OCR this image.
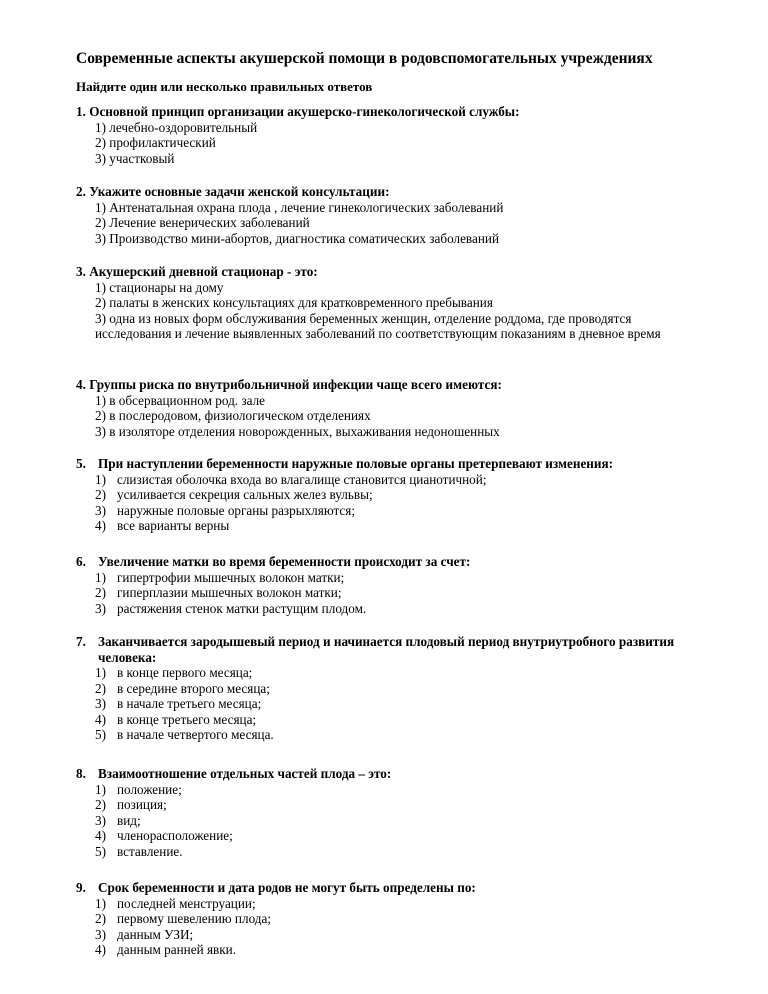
Современные аспекты акушерской помощи в родовспомогательных учреждениях
Найдите один или несколько правильных ответов
1. Основной принцип организации акушерско-гинекологической службы:
1) лечебно-оздоровительный
2) профилактический
3) участковый
2. Укажите основные задачи женской консультации:
1) Антенатальная охрана плода , лечение гинекологических заболеваний
2) Лечение венерических заболеваний
3) Производство мини-абортов, диагностика соматических заболеваний
3. Акушерский дневной стационар - это:
1) стационары на дому
2) палаты в женских консультациях для кратковременного пребывания
3) одна из новых форм обслуживания беременных женщин, отделение роддома, где проводятся исследования и лечение выявленных заболеваний по соответствующим показаниям в дневное время
4. Группы риска по внутрибольничной инфекции чаще всего имеются:
1) в обсервационном род. зале
2) в послеродовом, физиологическом отделениях
3) в изоляторе отделения новорожденных, выхаживания недоношенных
5. При наступлении беременности наружные половые органы претерпевают изменения:
1) слизистая оболочка входа во влагалище становится цианотичной;
2) усиливается секреция сальных желез вульвы;
3) наружные половые органы разрыхляются;
4) все варианты верны
6. Увеличение матки во время беременности происходит за счет:
1) гипертрофии мышечных волокон матки;
2) гиперплазии мышечных волокон матки;
3) растяжения стенок матки растущим плодом.
7. Заканчивается зародышевый период и начинается плодовый период внутриутробного развития человека:
1) в конце первого месяца;
2) в середине второго месяца;
3) в начале третьего месяца;
4) в конце третьего месяца;
5) в начале четвертого месяца.
8. Взаимоотношение отдельных частей плода – это:
1) положение;
2) позиция;
3) вид;
4) членорасположение;
5) вставление.
9. Срок беременности и дата родов не могут быть определены по:
1) последней менструации;
2) первому шевелению плода;
3) данным УЗИ;
4) данным ранней явки.
